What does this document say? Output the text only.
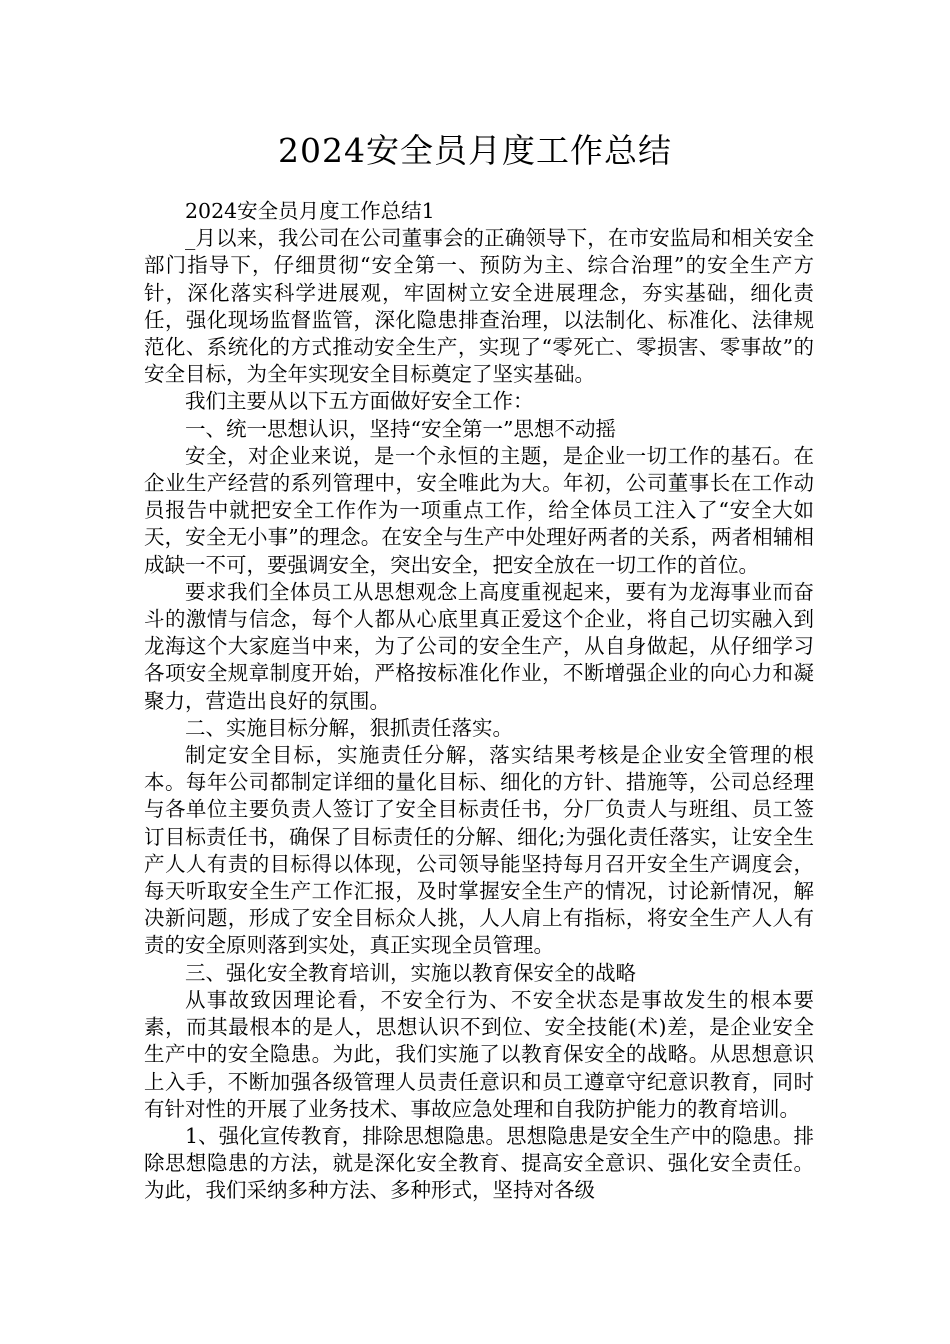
2024安全员月度工作总结

2024安全员月度工作总结1

_月以来，我公司在公司董事会的正确领导下，在市安监局和相关安全部门指导下，仔细贯彻“安全第一、预防为主、综合治理”的安全生产方针，深化落实科学进展观，牢固树立安全进展理念，夯实基础，细化责任，强化现场监督监管，深化隐患排查治理，以法制化、标准化、法律规范化、系统化的方式推动安全生产，实现了“零死亡、零损害、零事故”的安全目标，为全年实现安全目标奠定了坚实基础。

我们主要从以下五方面做好安全工作：

一、统一思想认识，坚持“安全第一”思想不动摇

安全，对企业来说，是一个永恒的主题，是企业一切工作的基石。在企业生产经营的系列管理中，安全唯此为大。年初，公司董事长在工作动员报告中就把安全工作作为一项重点工作，给全体员工注入了“安全大如天，安全无小事”的理念。在安全与生产中处理好两者的关系，两者相辅相成缺一不可，要强调安全，突出安全，把安全放在一切工作的首位。

要求我们全体员工从思想观念上高度重视起来，要有为龙海事业而奋斗的激情与信念，每个人都从心底里真正爱这个企业，将自己切实融入到龙海这个大家庭当中来，为了公司的安全生产，从自身做起，从仔细学习各项安全规章制度开始，严格按标准化作业，不断增强企业的向心力和凝聚力，营造出良好的氛围。

二、实施目标分解，狠抓责任落实。

制定安全目标，实施责任分解，落实结果考核是企业安全管理的根本。每年公司都制定详细的量化目标、细化的方针、措施等，公司总经理与各单位主要负责人签订了安全目标责任书，分厂负责人与班组、员工签订目标责任书，确保了目标责任的分解、细化;为强化责任落实，让安全生产人人有责的目标得以体现，公司领导能坚持每月召开安全生产调度会，每天听取安全生产工作汇报，及时掌握安全生产的情况，讨论新情况，解决新问题，形成了安全目标众人挑，人人肩上有指标，将安全生产人人有责的安全原则落到实处，真正实现全员管理。

三、强化安全教育培训，实施以教育保安全的战略

从事故致因理论看，不安全行为、不安全状态是事故发生的根本要素，而其最根本的是人，思想认识不到位、安全技能(术)差，是企业安全生产中的安全隐患。为此，我们实施了以教育保安全的战略。从思想意识上入手，不断加强各级管理人员责任意识和员工遵章守纪意识教育，同时有针对性的开展了业务技术、事故应急处理和自我防护能力的教育培训。

1、强化宣传教育，排除思想隐患。思想隐患是安全生产中的隐患。排除思想隐患的方法，就是深化安全教育、提高安全意识、强化安全责任。为此，我们采纳多种方法、多种形式，坚持对各级
